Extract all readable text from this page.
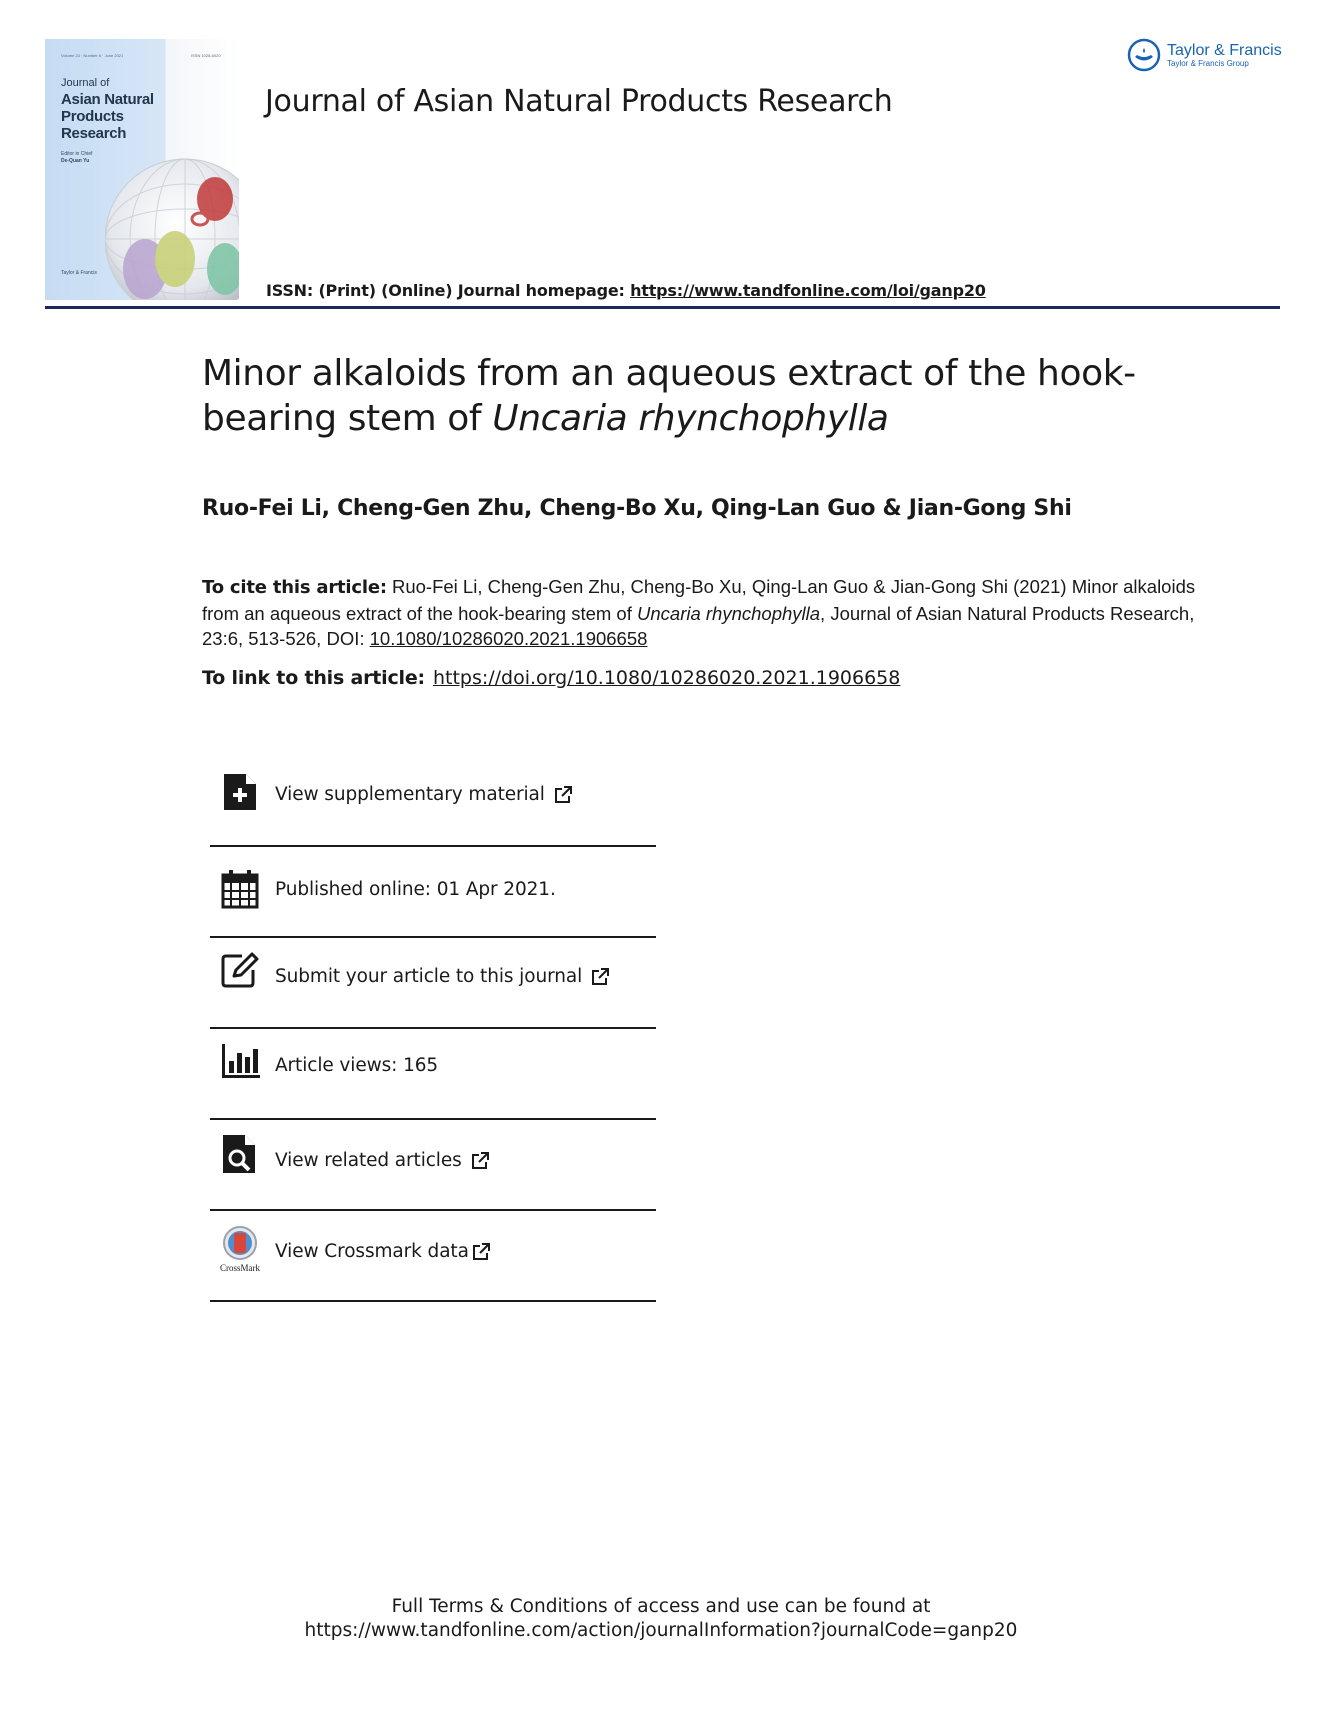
Volume 23 · Number 6 · June 2021	ISSN 1028-6020
Journal of
Asian Natural
Products
Research
Editor in Chief
De-Quan Yu
Taylor & Francis
Taylor & Francis
Taylor & Francis Group
Journal of Asian Natural Products Research
ISSN: (Print) (Online) Journal homepage: https://www.tandfonline.com/loi/ganp20
Minor alkaloids from an aqueous extract of the hook-bearing stem of Uncaria rhynchophylla
Ruo-Fei Li, Cheng-Gen Zhu, Cheng-Bo Xu, Qing-Lan Guo & Jian-Gong Shi
To cite this article: Ruo-Fei Li, Cheng-Gen Zhu, Cheng-Bo Xu, Qing-Lan Guo & Jian-Gong Shi (2021) Minor alkaloids from an aqueous extract of the hook-bearing stem of Uncaria rhynchophylla, Journal of Asian Natural Products Research, 23:6, 513-526, DOI: 10.1080/10286020.2021.1906658
To link to this article: https://doi.org/10.1080/10286020.2021.1906658
View supplementary material
Published online: 01 Apr 2021.
Submit your article to this journal
Article views: 165
View related articles
CrossMark
View Crossmark data
Full Terms & Conditions of access and use can be found at
https://www.tandfonline.com/action/journalInformation?journalCode=ganp20
